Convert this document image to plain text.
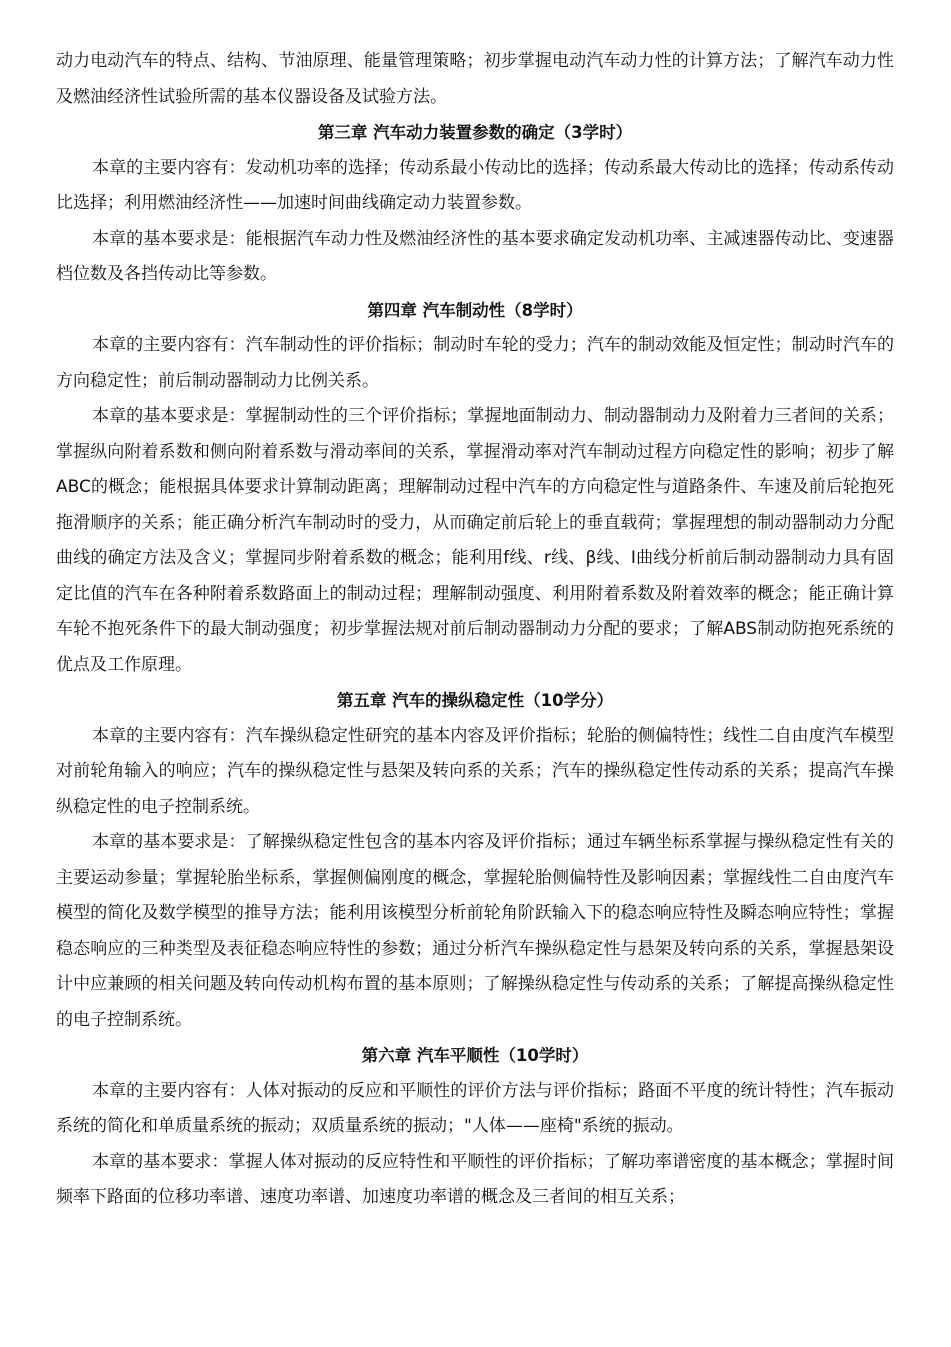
动力电动汽车的特点、结构、节油原理、能量管理策略；初步掌握电动汽车动力性的计算方法；了解汽车动力性及燃油经济性试验所需的基本仪器设备及试验方法。

第三章 汽车动力装置参数的确定（3学时）

本章的主要内容有：发动机功率的选择；传动系最小传动比的选择；传动系最大传动比的选择；传动系传动比选择；利用燃油经济性——加速时间曲线确定动力装置参数。

本章的基本要求是：能根据汽车动力性及燃油经济性的基本要求确定发动机功率、主减速器传动比、变速器档位数及各挡传动比等参数。

第四章 汽车制动性（8学时）

本章的主要内容有：汽车制动性的评价指标；制动时车轮的受力；汽车的制动效能及恒定性；制动时汽车的方向稳定性；前后制动器制动力比例关系。

本章的基本要求是：掌握制动性的三个评价指标；掌握地面制动力、制动器制动力及附着力三者间的关系；掌握纵向附着系数和侧向附着系数与滑动率间的关系，掌握滑动率对汽车制动过程方向稳定性的影响；初步了解ABC的概念；能根据具体要求计算制动距离；理解制动过程中汽车的方向稳定性与道路条件、车速及前后轮抱死拖滑顺序的关系；能正确分析汽车制动时的受力，从而确定前后轮上的垂直载荷；掌握理想的制动器制动力分配曲线的确定方法及含义；掌握同步附着系数的概念；能利用f线、r线、β线、I曲线分析前后制动器制动力具有固定比值的汽车在各种附着系数路面上的制动过程；理解制动强度、利用附着系数及附着效率的概念；能正确计算车轮不抱死条件下的最大制动强度；初步掌握法规对前后制动器制动力分配的要求；了解ABS制动防抱死系统的优点及工作原理。

第五章 汽车的操纵稳定性（10学分）

本章的主要内容有：汽车操纵稳定性研究的基本内容及评价指标；轮胎的侧偏特性；线性二自由度汽车模型对前轮角输入的响应；汽车的操纵稳定性与悬架及转向系的关系；汽车的操纵稳定性传动系的关系；提高汽车操纵稳定性的电子控制系统。

本章的基本要求是：了解操纵稳定性包含的基本内容及评价指标；通过车辆坐标系掌握与操纵稳定性有关的主要运动参量；掌握轮胎坐标系，掌握侧偏刚度的概念，掌握轮胎侧偏特性及影响因素；掌握线性二自由度汽车模型的简化及数学模型的推导方法；能利用该模型分析前轮角阶跃输入下的稳态响应特性及瞬态响应特性；掌握稳态响应的三种类型及表征稳态响应特性的参数；通过分析汽车操纵稳定性与悬架及转向系的关系，掌握悬架设计中应兼顾的相关问题及转向传动机构布置的基本原则；了解操纵稳定性与传动系的关系；了解提高操纵稳定性的电子控制系统。

第六章 汽车平顺性（10学时）

本章的主要内容有：人体对振动的反应和平顺性的评价方法与评价指标；路面不平度的统计特性；汽车振动系统的简化和单质量系统的振动；双质量系统的振动；"人体——座椅"系统的振动。

本章的基本要求：掌握人体对振动的反应特性和平顺性的评价指标；了解功率谱密度的基本概念；掌握时间频率下路面的位移功率谱、速度功率谱、加速度功率谱的概念及三者间的相互关系；
